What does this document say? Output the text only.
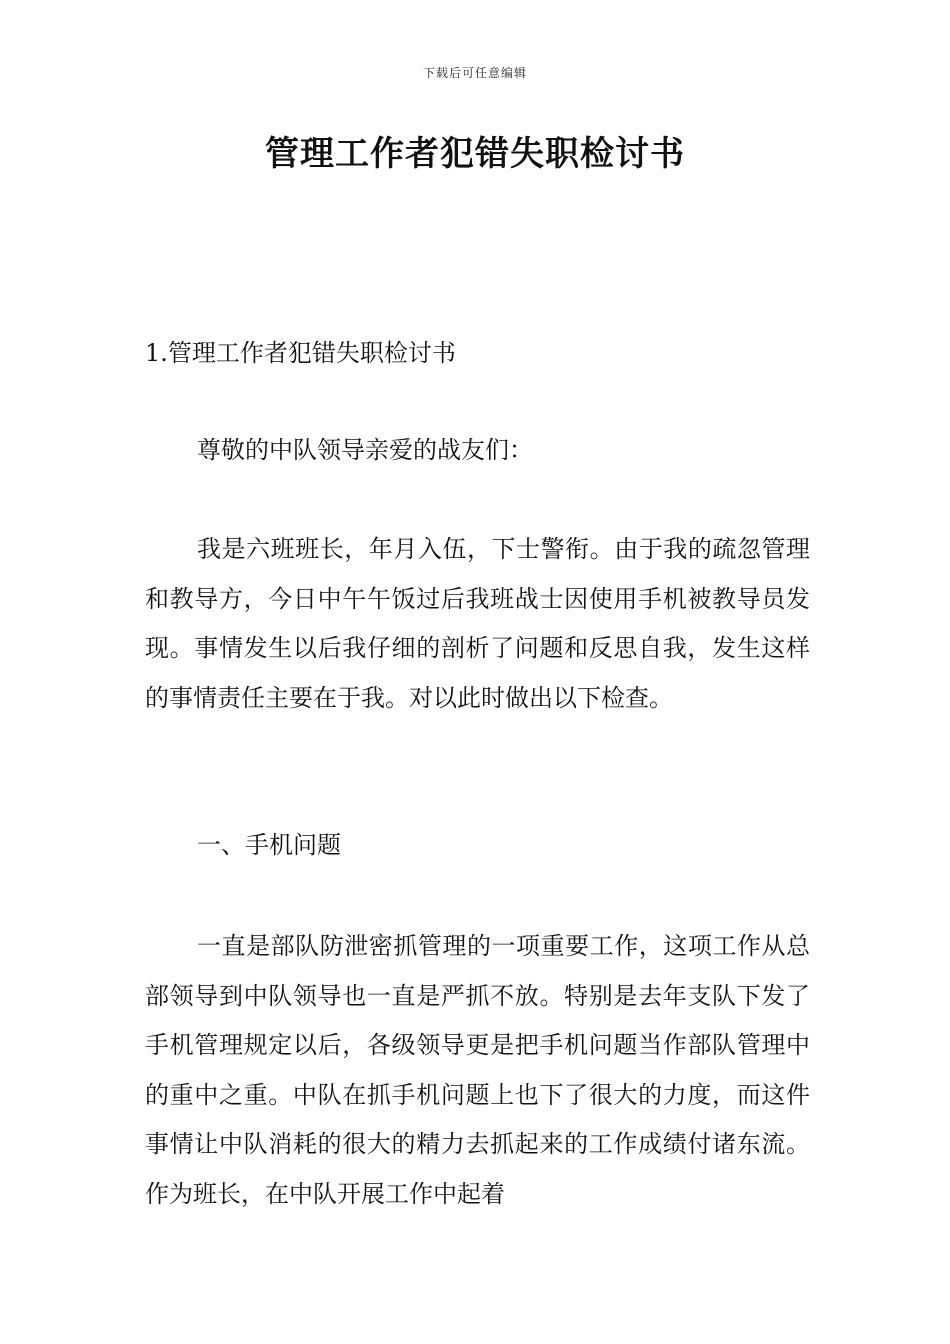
下载后可任意编辑
管理工作者犯错失职检讨书
1.管理工作者犯错失职检讨书

尊敬的中队领导亲爱的战友们：

我是六班班长，年月入伍，下士警衔。由于我的疏忽管理和教导方，今日中午午饭过后我班战士因使用手机被教导员发现。事情发生以后我仔细的剖析了问题和反思自我，发生这样的事情责任主要在于我。对以此时做出以下检查。

一、手机问题

一直是部队防泄密抓管理的一项重要工作，这项工作从总部领导到中队领导也一直是严抓不放。特别是去年支队下发了手机管理规定以后，各级领导更是把手机问题当作部队管理中的重中之重。中队在抓手机问题上也下了很大的力度，而这件事情让中队消耗的很大的精力去抓起来的工作成绩付诸东流。作为班长，在中队开展工作中起着
